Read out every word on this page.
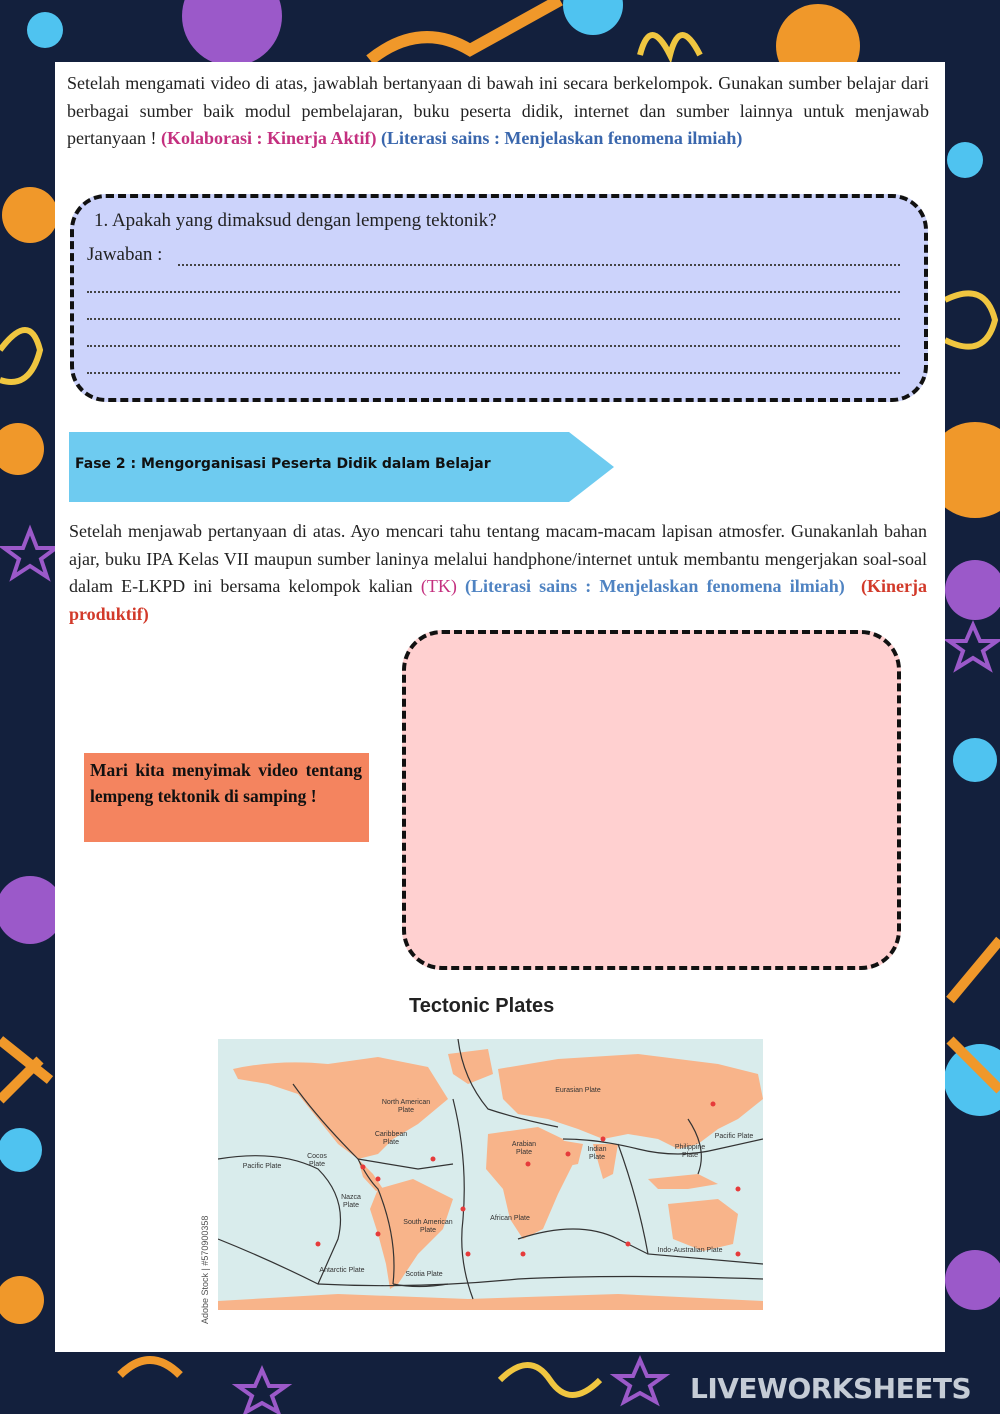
Setelah mengamati video di atas, jawablah bertanyaan di bawah ini secara berkelompok. Gunakan sumber belajar dari berbagai sumber baik modul pembelajaran, buku peserta didik, internet dan sumber lainnya untuk menjawab pertanyaan ! (Kolaborasi : Kinerja Aktif) (Literasi sains : Menjelaskan fenomena ilmiah)

1. Apakah yang dimaksud dengan lempeng tektonik?
Jawaban :
Fase 2 : Mengorganisasi Peserta Didik dalam Belajar

Setelah menjawab pertanyaan di atas. Ayo mencari tahu tentang macam-macam lapisan atmosfer. Gunakanlah bahan ajar, buku IPA Kelas VII maupun sumber laninya melalui handphone/internet untuk membantu mengerjakan soal-soal dalam E-LKPD ini bersama kelompok kalian (TK) (Literasi sains : Menjelaskan fenomena ilmiah) (Kinerja produktif)

Mari kita menyimak video tentang lempeng tektonik di samping !
Tectonic Plates
North American Plate
Eurasian Plate
Caribbean Plate	Arabian Plate	Indian Plate
Philippine Plate
Pacific Plate
Pacific Plate
Cocos Plate
Nazca Plate
South American Plate
African Plate
Indo-Australian Plate
Antarctic Plate
Scotia Plate
Adobe Stock | #570900358
LIVEWORKSHEETS
